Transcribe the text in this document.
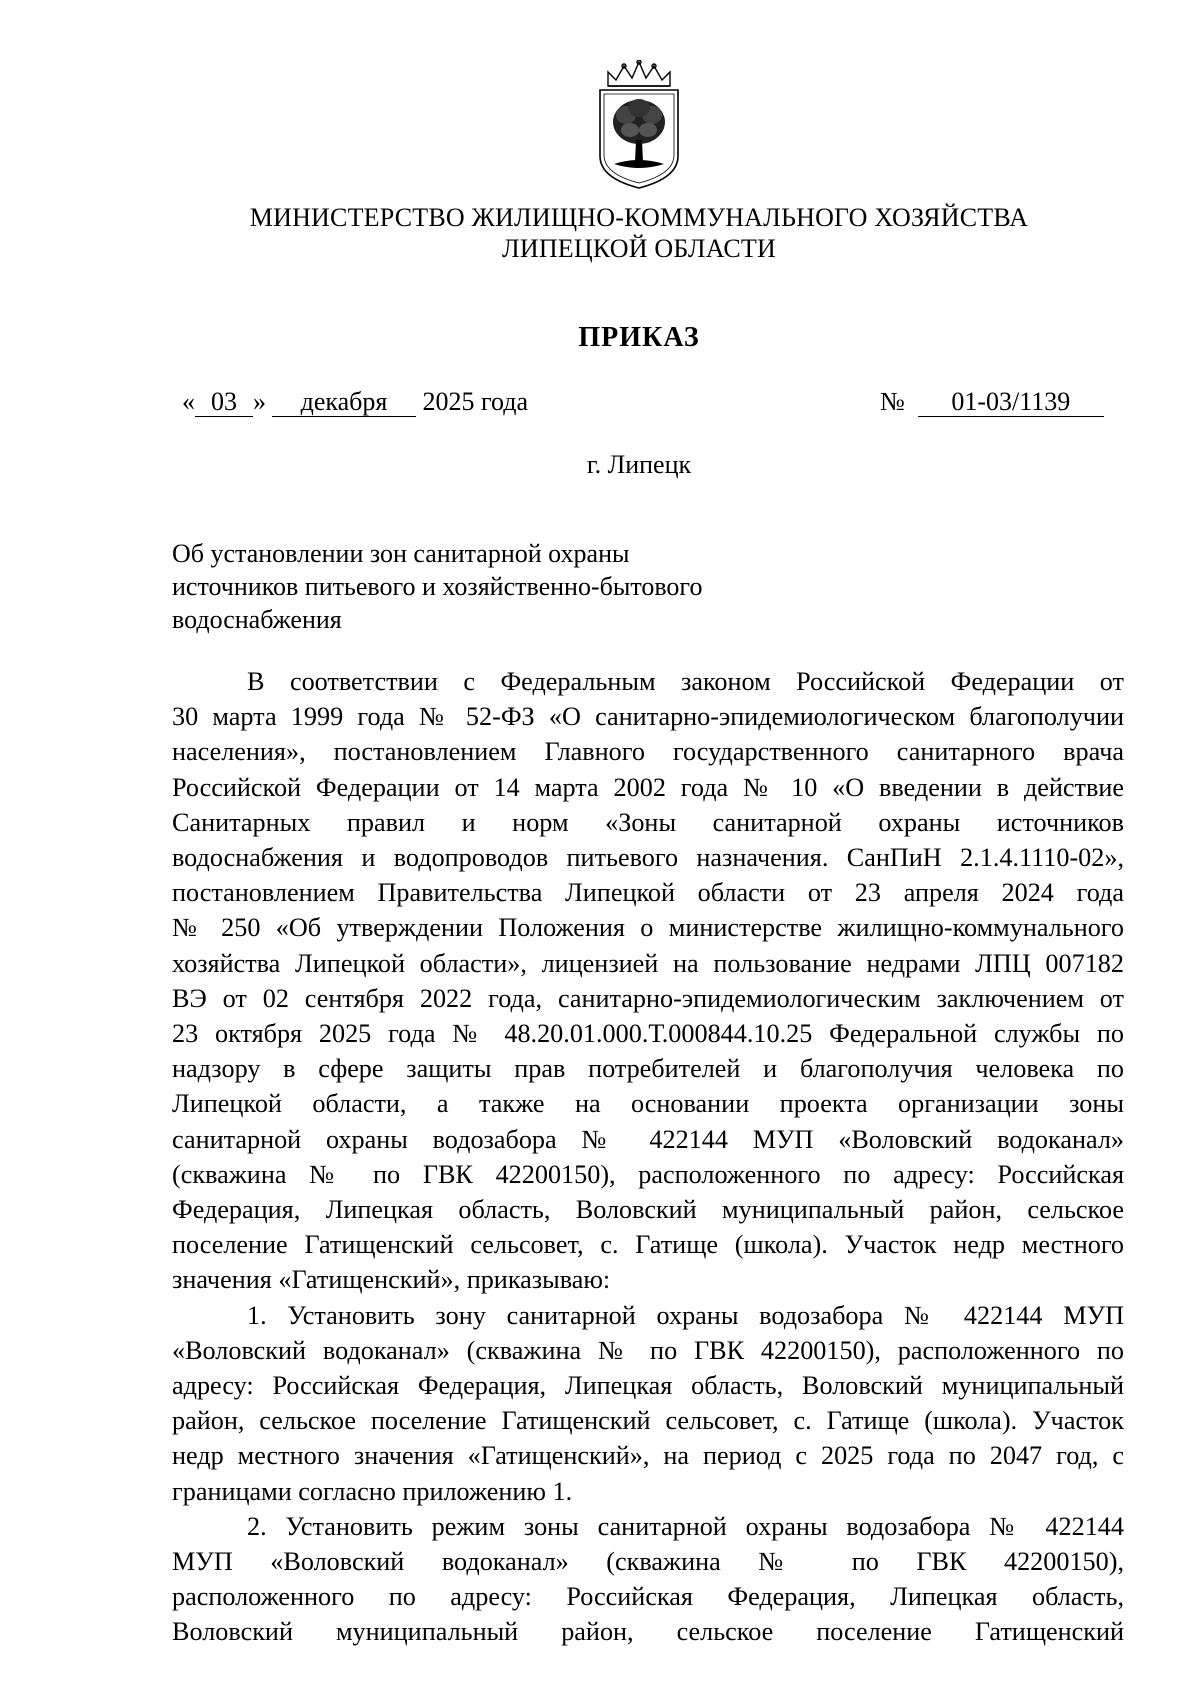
МИНИСТЕРСТВО ЖИЛИЩНО-КОММУНАЛЬНОГО ХОЗЯЙСТВА
ЛИПЕЦКОЙ ОБЛАСТИ
ПРИКАЗ
« 03 » декабря 2025 года	№ 01-03/1139
г. Липецк
Об установлении зон санитарной охраны
источников питьевого и хозяйственно-бытового
водоснабжения
В соответствии с Федеральным законом Российской Федерации от
30 марта 1999 года № 52-ФЗ «О санитарно-эпидемиологическом благополучии
населения», постановлением Главного государственного санитарного врача
Российской Федерации от 14 марта 2002 года № 10 «О введении в действие
Санитарных правил и норм «Зоны санитарной охраны источников
водоснабжения и водопроводов питьевого назначения. СанПиН 2.1.4.1110-02»,
постановлением Правительства Липецкой области от 23 апреля 2024 года
№ 250 «Об утверждении Положения о министерстве жилищно-коммунального
хозяйства Липецкой области», лицензией на пользование недрами ЛПЦ 007182
ВЭ от 02 сентября 2022 года, санитарно-эпидемиологическим заключением от
23 октября 2025 года № 48.20.01.000.Т.000844.10.25 Федеральной службы по
надзору в сфере защиты прав потребителей и благополучия человека по
Липецкой области, а также на основании проекта организации зоны
санитарной охраны водозабора № 422144 МУП «Воловский водоканал»
(скважина № по ГВК 42200150), расположенного по адресу: Российская
Федерация, Липецкая область, Воловский муниципальный район, сельское
поселение Гатищенский сельсовет, с. Гатище (школа). Участок недр местного
значения «Гатищенский», приказываю:
1. Установить зону санитарной охраны водозабора № 422144 МУП
«Воловский водоканал» (скважина № по ГВК 42200150), расположенного по
адресу: Российская Федерация, Липецкая область, Воловский муниципальный
район, сельское поселение Гатищенский сельсовет, с. Гатище (школа). Участок
недр местного значения «Гатищенский», на период с 2025 года по 2047 год, с
границами согласно приложению 1.
2. Установить режим зоны санитарной охраны водозабора № 422144
МУП «Воловский водоканал» (скважина № по ГВК 42200150),
расположенного по адресу: Российская Федерация, Липецкая область,
Воловский муниципальный район, сельское поселение Гатищенский
